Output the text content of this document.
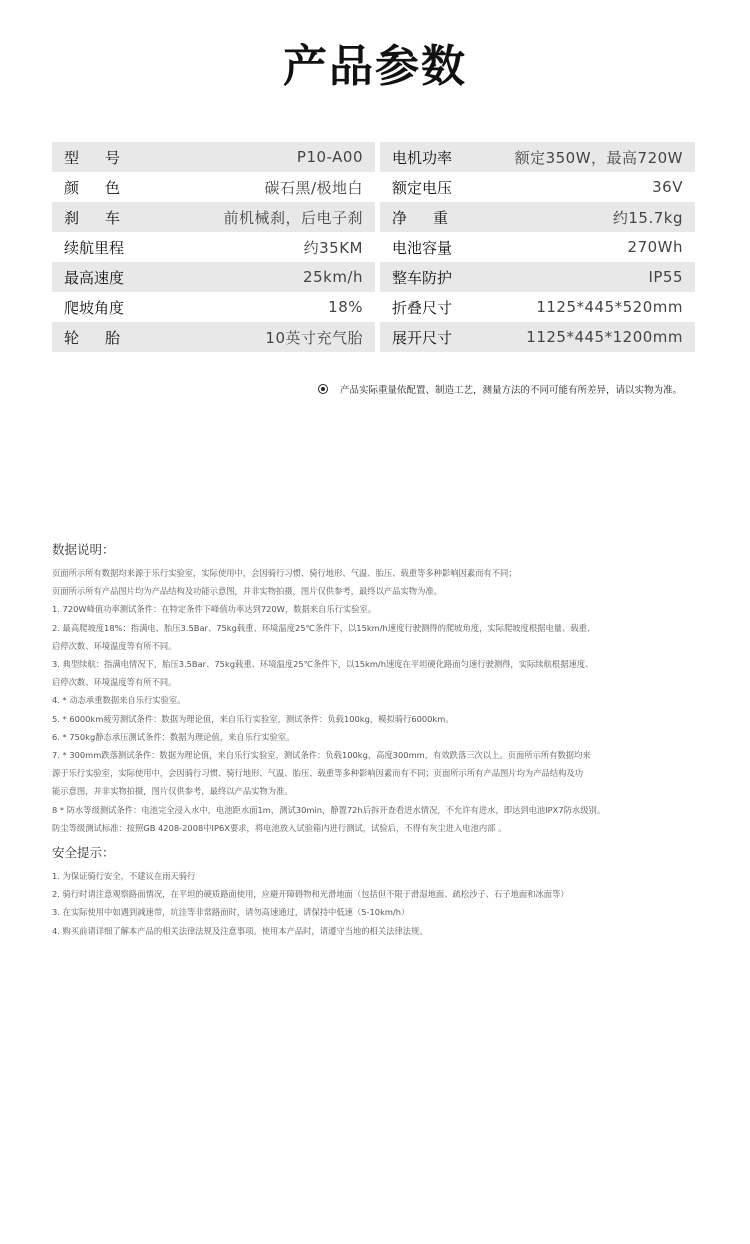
产品参数
型号	P10-A00
颜色	碳石黑/极地白
刹车	前机械刹，后电子刹
续航里程	约35KM
最高速度	25km/h
爬坡角度	18%
轮胎	10英寸充气胎
电机功率	额定350W，最高720W
额定电压	36V
净重	约15.7kg
电池容量	270Wh
整车防护	IP55
折叠尺寸	1125*445*520mm
展开尺寸	1125*445*1200mm
产品实际重量依配置、制造工艺，测量方法的不同可能有所差异，请以实物为准。
数据说明：
页面所示所有数据均来源于乐行实验室，实际使用中，会因骑行习惯、骑行地形、气温、胎压、载重等多种影响因素而有不同；
页面所示所有产品图片均为产品结构及功能示意图，并非实物拍摄，图片仅供参考，最终以产品实物为准。
1. 720W峰值功率测试条件：在特定条件下峰值功率达到720W，数据来自乐行实验室。
2. 最高爬坡度18%：指满电、胎压3.5Bar、75kg载重、环境温度25℃条件下，以15km/h速度行驶测得的爬坡角度，实际爬坡度根据电量、载重、
启停次数、环境温度等有所不同。
3. 典型续航：指满电情况下，胎压3.5Bar、75kg载重、环境温度25℃条件下，以15km/h速度在平坦硬化路面匀速行驶测得，实际续航根据速度、
启停次数、环境温度等有所不同。
4. * 动态承重数据来自乐行实验室。
5. * 6000km疲劳测试条件：数据为理论值，来自乐行实验室，测试条件：负载100kg，模拟骑行6000km。
6. * 750kg静态承压测试条件：数据为理论值，来自乐行实验室。
7. * 300mm跌落测试条件：数据为理论值，来自乐行实验室，测试条件：负载100kg，高度300mm，有效跌落三次以上。页面所示所有数据均来
源于乐行实验室，实际使用中，会因骑行习惯、骑行地形、气温、胎压、载重等多种影响因素而有不同；页面所示所有产品图片均为产品结构及功
能示意图，并非实物拍摄，图片仅供参考，最终以产品实物为准。
8 * 防水等级测试条件：电池完全浸入水中，电池距水面1m，测试30min，静置72h后拆开查看进水情况，不允许有进水，即达到电池IPX7防水级别。
防尘等级测试标准：按照GB 4208-2008中IP6X要求，将电池放入试验箱内进行测试，试验后，不得有灰尘进入电池内部 。
安全提示：
1. 为保证骑行安全，不建议在雨天骑行
2. 骑行时请注意观察路面情况，在平坦的硬质路面使用，应避开障碍物和光滑地面（包括但不限于滑湿地面、疏松沙子、石子地面和冰面等）
3. 在实际使用中如遇到减速带，坑洼等非常路面时，请勿高速通过，请保持中低速（5-10km/h）
4. 购买前请详细了解本产品的相关法律法规及注意事项。使用本产品时，请遵守当地的相关法律法规。
